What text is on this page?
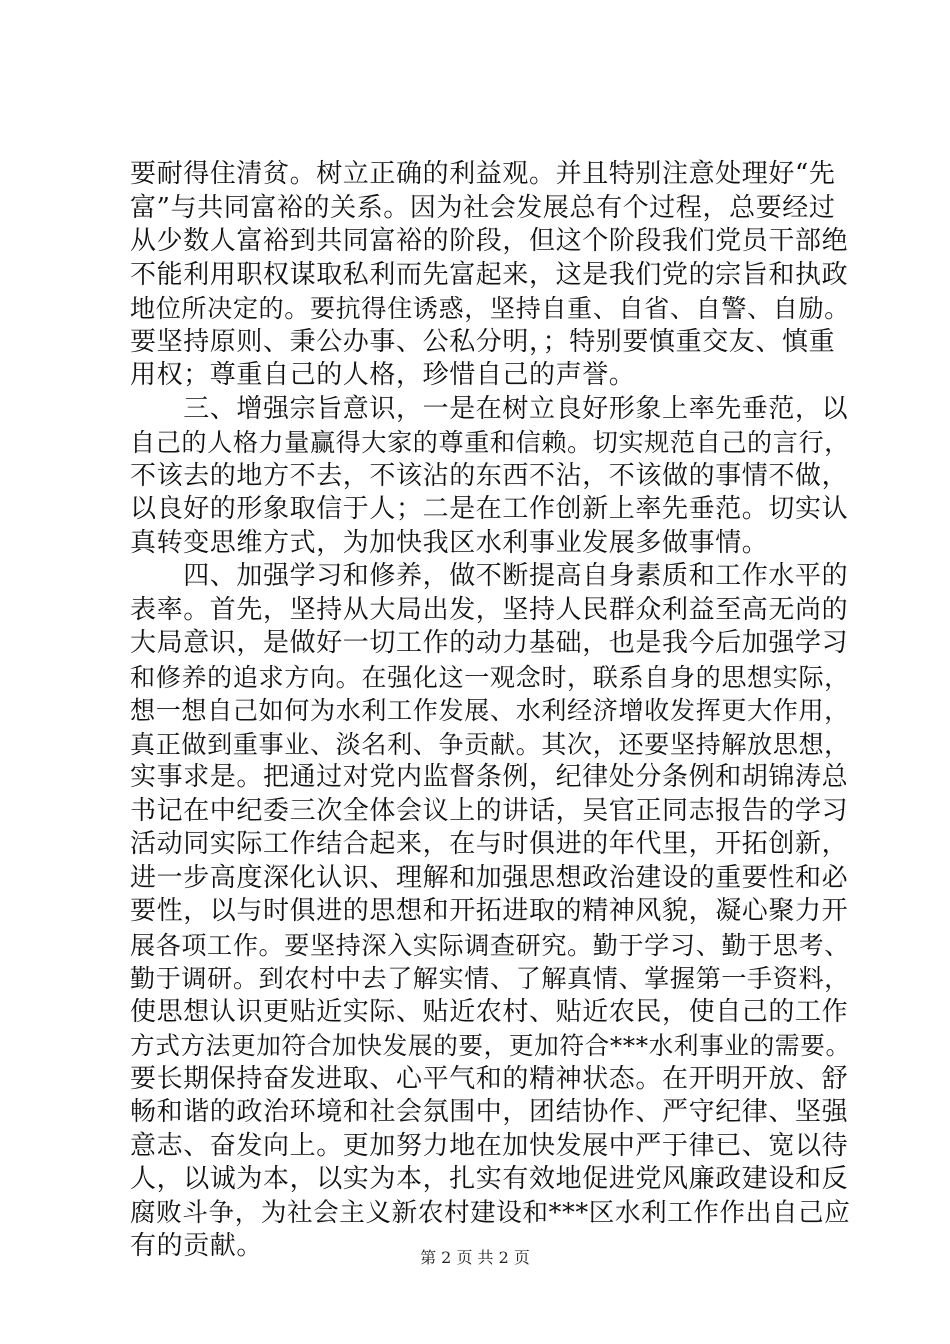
要耐得住清贫。树立正确的利益观。并且特别注意处理好“先
富”与共同富裕的关系。因为社会发展总有个过程，总要经过
从少数人富裕到共同富裕的阶段，但这个阶段我们党员干部绝
不能利用职权谋取私利而先富起来，这是我们党的宗旨和执政
地位所决定的。要抗得住诱惑，坚持自重、自省、自警、自励。
要坚持原则、秉公办事、公私分明，；特别要慎重交友、慎重
用权；尊重自己的人格，珍惜自己的声誉。
　　三、增强宗旨意识，一是在树立良好形象上率先垂范，以
自己的人格力量赢得大家的尊重和信赖。切实规范自己的言行，
不该去的地方不去，不该沾的东西不沾，不该做的事情不做，
以良好的形象取信于人；二是在工作创新上率先垂范。切实认
真转变思维方式，为加快我区水利事业发展多做事情。
　　四、加强学习和修养，做不断提高自身素质和工作水平的
表率。首先，坚持从大局出发，坚持人民群众利益至高无尚的
大局意识，是做好一切工作的动力基础，也是我今后加强学习
和修养的追求方向。在强化这一观念时，联系自身的思想实际，
想一想自己如何为水利工作发展、水利经济增收发挥更大作用，
真正做到重事业、淡名利、争贡献。其次，还要坚持解放思想，
实事求是。把通过对党内监督条例，纪律处分条例和胡锦涛总
书记在中纪委三次全体会议上的讲话，吴官正同志报告的学习
活动同实际工作结合起来，在与时俱进的年代里，开拓创新，
进一步高度深化认识、理解和加强思想政治建设的重要性和必
要性，以与时俱进的思想和开拓进取的精神风貌，凝心聚力开
展各项工作。要坚持深入实际调查研究。勤于学习、勤于思考、
勤于调研。到农村中去了解实情、了解真情、掌握第一手资料，
使思想认识更贴近实际、贴近农村、贴近农民，使自己的工作
方式方法更加符合加快发展的要，更加符合***水利事业的需要。
要长期保持奋发进取、心平气和的精神状态。在开明开放、舒
畅和谐的政治环境和社会氛围中，团结协作、严守纪律、坚强
意志、奋发向上。更加努力地在加快发展中严于律已、宽以待
人，以诚为本，以实为本，扎实有效地促进党风廉政建设和反
腐败斗争，为社会主义新农村建设和***区水利工作作出自己应
有的贡献。	第 2 页 共 2 页
